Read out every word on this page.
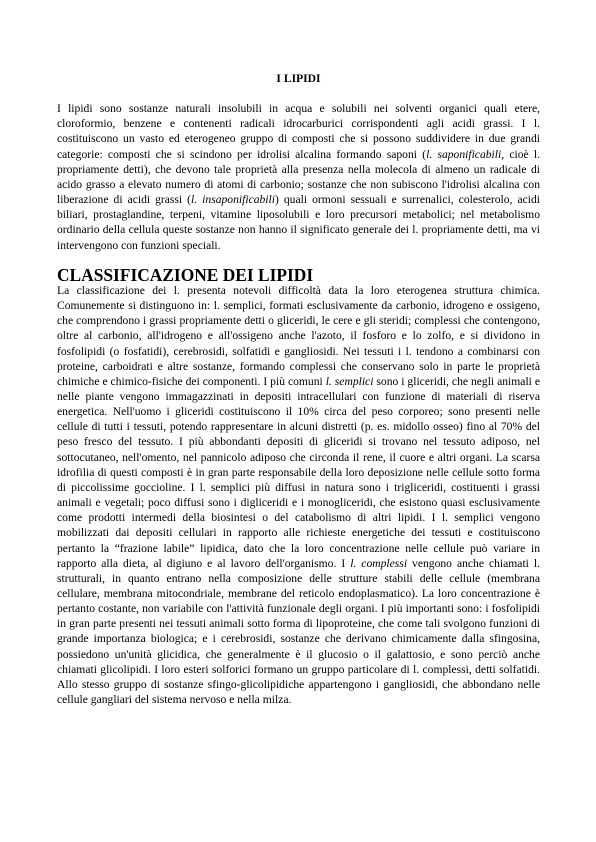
I LIPIDI

I lipidi sono sostanze naturali insolubili in acqua e solubili nei solventi organici quali etere, cloroformio, benzene e contenenti radicali idrocarburici corrispondenti agli acidi grassi. I l. costituiscono un vasto ed eterogeneo gruppo di composti che si possono suddividere in due grandi categorie: composti che si scindono per idrolisi alcalina formando saponi (l. saponificabili, cioè l. propriamente detti), che devono tale proprietà alla presenza nella molecola di almeno un radicale di acido grasso a elevato numero di atomi di carbonio; sostanze che non subiscono l'idrolisi alcalina con liberazione di acidi grassi (l. insaponificabili) quali ormoni sessuali e surrenalici, colesterolo, acidi biliari, prostaglandine, terpeni, vitamine liposolubili e loro precursori metabolici; nel metabolismo ordinario della cellula queste sostanze non hanno il significato generale dei l. propriamente detti, ma vi intervengono con funzioni speciali.

CLASSIFICAZIONE DEI LIPIDI

La classificazione dei l. presenta notevoli difficoltà data la loro eterogenea struttura chimica. Comunemente si distinguono in: l. semplici, formati esclusivamente da carbonio, idrogeno e ossigeno, che comprendono i grassi propriamente detti o gliceridi, le cere e gli steridi; complessi che contengono, oltre al carbonio, all'idrogeno e all'ossigeno anche l'azoto, il fosforo e lo zolfo, e si dividono in fosfolipidi (o fosfatidi), cerebrosidi, solfatidi e gangliosidi. Nei tessuti i l. tendono a combinarsi con proteine, carboidrati e altre sostanze, formando complessi che conservano solo in parte le proprietà chimiche e chimico-fisiche dei componenti. I più comuni l. semplici sono i gliceridi, che negli animali e nelle piante vengono immagazzinati in depositi intracellulari con funzione di materiali di riserva energetica. Nell'uomo i gliceridi costituiscono il 10% circa del peso corporeo; sono presenti nelle cellule di tutti i tessuti, potendo rappresentare in alcuni distretti (p. es. midollo osseo) fino al 70% del peso fresco del tessuto. I più abbondanti depositi di gliceridi si trovano nel tessuto adiposo, nel sottocutaneo, nell'omento, nel pannicolo adiposo che circonda il rene, il cuore e altri organi. La scarsa idrofilia di questi composti è in gran parte responsabile della loro deposizione nelle cellule sotto forma di piccolissime goccioline. I l. semplici più diffusi in natura sono i trigliceridi, costituenti i grassi animali e vegetali; poco diffusi sono i digliceridi e i monogliceridi, che esistono quasi esclusivamente come prodotti intermedi della biosintesi o del catabolismo di altri lipidi. I l. semplici vengono mobilizzati dai depositi cellulari in rapporto alle richieste energetiche dei tessuti e costituiscono pertanto la “frazione labile” lipidica, dato che la loro concentrazione nelle cellule può variare in rapporto alla dieta, al digiuno e al lavoro dell'organismo. I l. complessi vengono anche chiamati l. strutturali, in quanto entrano nella composizione delle strutture stabili delle cellule (membrana cellulare, membrana mitocondriale, membrane del reticolo endoplasmatico). La loro concentrazione è pertanto costante, non variabile con l'attività funzionale degli organi. I più importanti sono: i fosfolipidi in gran parte presenti nei tessuti animali sotto forma di lipoproteine, che come tali svolgono funzioni di grande importanza biologica; e i cerebrosidi, sostanze che derivano chimicamente dalla sfingosina, possiedono un'unità glicidica, che generalmente è il glucosio o il galattosio, e sono perciò anche chiamati glicolipidi. I loro esteri solforici formano un gruppo particolare di l. complessi, detti solfatidi. Allo stesso gruppo di sostanze sfingo-glicolipidiche appartengono i gangliosidi, che abbondano nelle cellule gangliari del sistema nervoso e nella milza.
